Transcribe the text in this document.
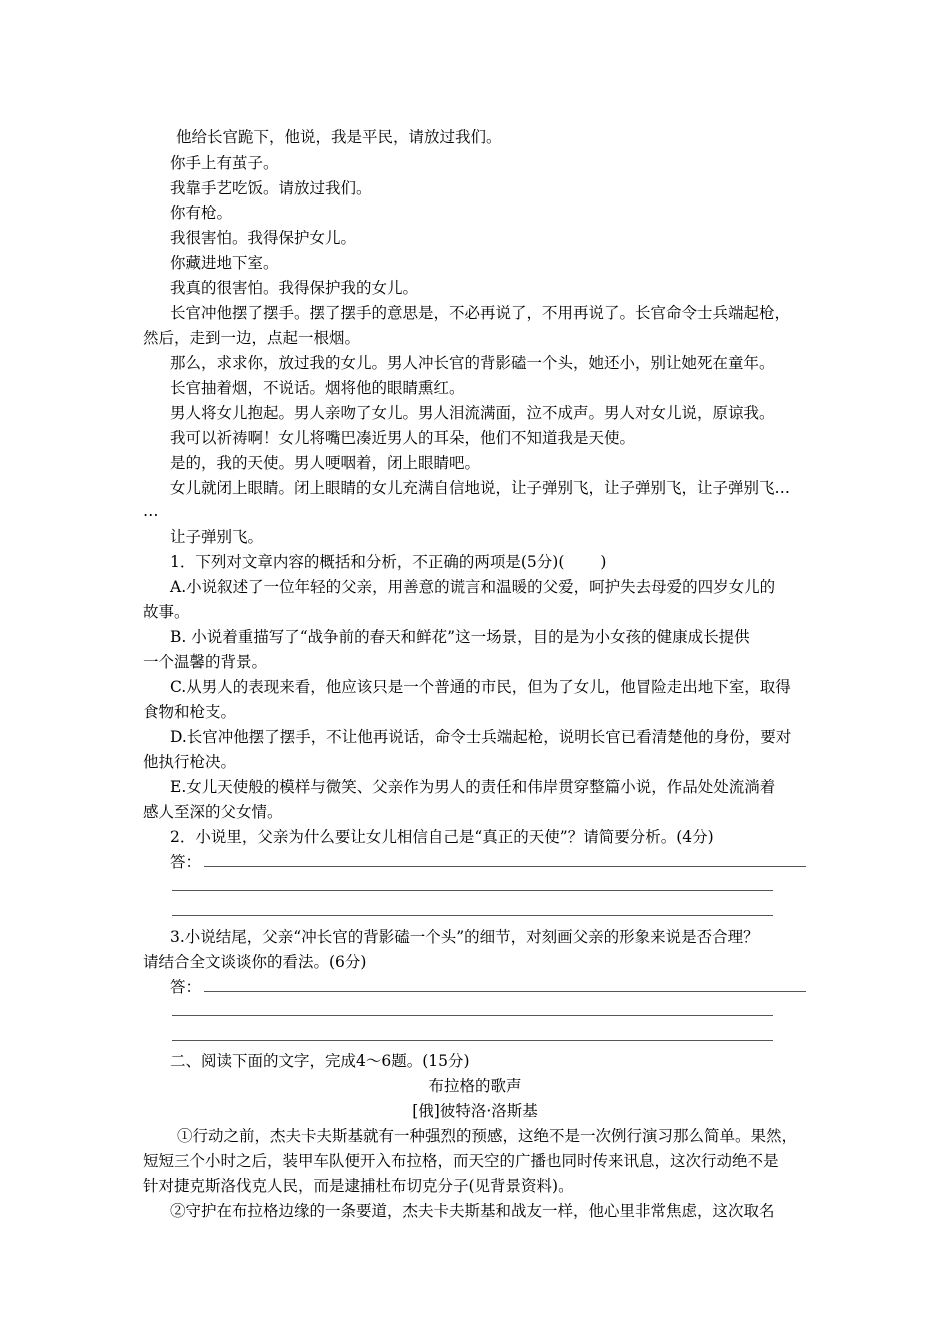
他给长官跪下，他说，我是平民，请放过我们。
你手上有茧子。
我靠手艺吃饭。请放过我们。
你有枪。
我很害怕。我得保护女儿。
你藏进地下室。
我真的很害怕。我得保护我的女儿。
长官冲他摆了摆手。摆了摆手的意思是，不必再说了，不用再说了。长官命令士兵端起枪，
然后，走到一边，点起一根烟。
那么，求求你，放过我的女儿。男人冲长官的背影磕一个头，她还小，别让她死在童年。
长官抽着烟，不说话。烟将他的眼睛熏红。
男人将女儿抱起。男人亲吻了女儿。男人泪流满面，泣不成声。男人对女儿说，原谅我。
我可以祈祷啊！女儿将嘴巴凑近男人的耳朵，他们不知道我是天使。
是的，我的天使。男人哽咽着，闭上眼睛吧。
女儿就闭上眼睛。闭上眼睛的女儿充满自信地说，让子弹别飞，让子弹别飞，让子弹别飞…
…
让子弹别飞。
1．下列对文章内容的概括和分析，不正确的两项是(5分)( )
A.小说叙述了一位年轻的父亲，用善意的谎言和温暖的父爱，呵护失去母爱的四岁女儿的
故事。
B. 小说着重描写了“战争前的春天和鲜花”这一场景，目的是为小女孩的健康成长提供
一个温馨的背景。
C.从男人的表现来看，他应该只是一个普通的市民，但为了女儿，他冒险走出地下室，取得
食物和枪支。
D.长官冲他摆了摆手，不让他再说话，命令士兵端起枪，说明长官已看清楚他的身份，要对
他执行枪决。
E.女儿天使般的模样与微笑、父亲作为男人的责任和伟岸贯穿整篇小说，作品处处流淌着
感人至深的父女情。
2．小说里，父亲为什么要让女儿相信自己是“真正的天使”？请简要分析。(4分)
答：
3.小说结尾，父亲“冲长官的背影磕一个头”的细节，对刻画父亲的形象来说是否合理？
请结合全文谈谈你的看法。(6分)
答：
二、阅读下面的文字，完成4～6题。(15分)
布拉格的歌声
[俄]彼特洛·洛斯基
①行动之前，杰夫卡夫斯基就有一种强烈的预感，这绝不是一次例行演习那么简单。果然，
短短三个小时之后，装甲车队便开入布拉格，而天空的广播也同时传来讯息，这次行动绝不是
针对捷克斯洛伐克人民，而是逮捕杜布切克分子(见背景资料)。
②守护在布拉格边缘的一条要道，杰夫卡夫斯基和战友一样，他心里非常焦虑，这次取名
